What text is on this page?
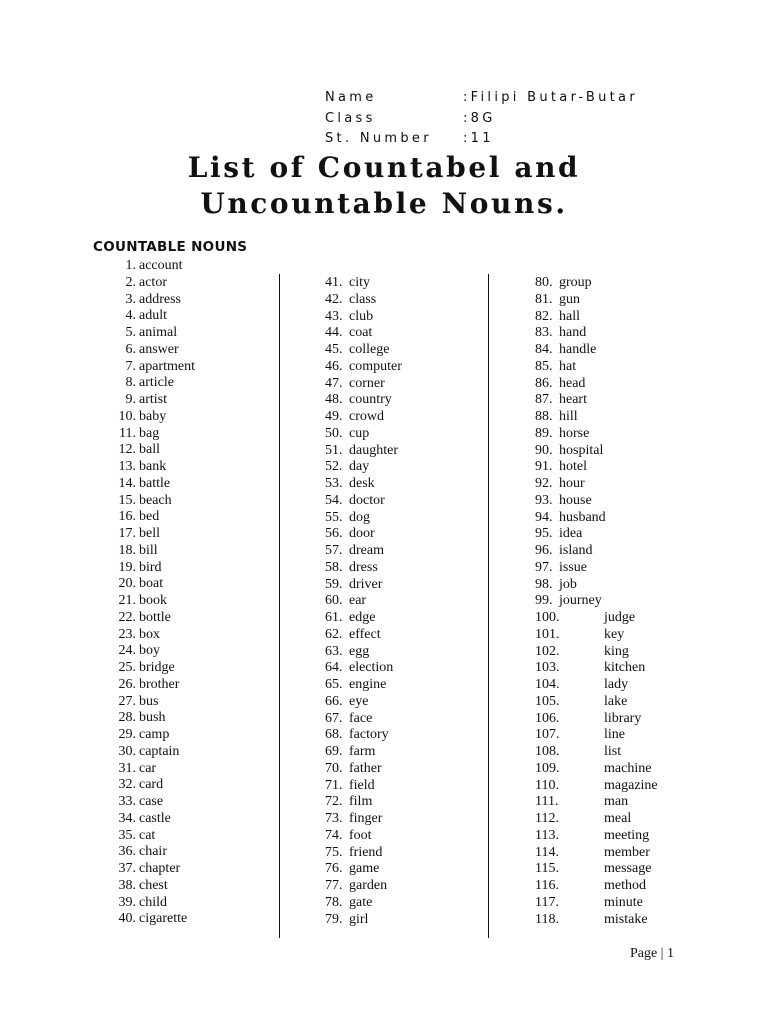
Name	:Filipi Butar-Butar
Class	:8G
St. Number :11
List of Countabel and
Uncountable Nouns.
COUNTABLE NOUNS
1. account
2. actor
3. address
4. adult
5. animal
6. answer
7. apartment
8. article
9. artist
10. baby
11. bag
12. ball
13. bank
14. battle
15. beach
16. bed
17. bell
18. bill
19. bird
20. boat
21. book
22. bottle
23. box
24. boy
25. bridge
26. brother
27. bus
28. bush
29. camp
30. captain
31. car
32. card
33. case
34. castle
35. cat
36. chair
37. chapter
38. chest
39. child
40. cigarette
41. city
42. class
43. club
44. coat
45. college
46. computer
47. corner
48. country
49. crowd
50. cup
51. daughter
52. day
53. desk
54. doctor
55. dog
56. door
57. dream
58. dress
59. driver
60. ear
61. edge
62. effect
63. egg
64. election
65. engine
66. eye
67. face
68. factory
69. farm
70. father
71. field
72. film
73. finger
74. foot
75. friend
76. game
77. garden
78. gate
79. girl
80. group
81. gun
82. hall
83. hand
84. handle
85. hat
86. head
87. heart
88. hill
89. horse
90. hospital
91. hotel
92. hour
93. house
94. husband
95. idea
96. island
97. issue
98. job
99. journey
100.	judge
101.	key
102.	king
103.	kitchen
104.	lady
105.	lake
106.	library
107.	line
108.	list
109.	machine
110.	magazine
111.	man
112.	meal
113.	meeting
114.	member
115.	message
116.	method
117.	minute
118.	mistake
Page | 1
